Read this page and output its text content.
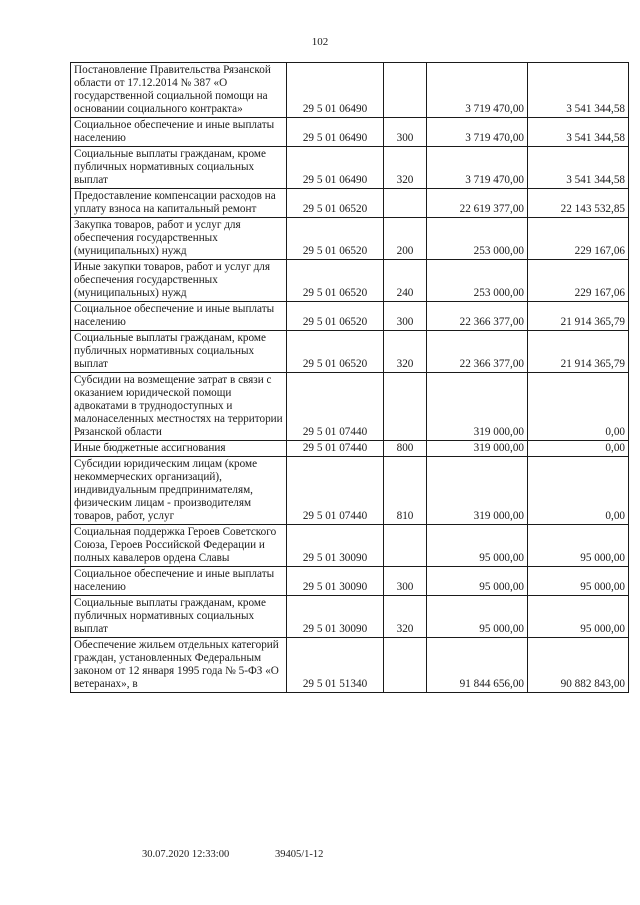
102
Постановление Правительства Рязанской области от 17.12.2014 № 387 «О государственной социальной помощи на основании социального контракта»	29 5 01 06490		3 719 470,00	3 541 344,58
Социальное обеспечение и иные выплаты населению	29 5 01 06490	300	3 719 470,00	3 541 344,58
Социальные выплаты гражданам, кроме публичных нормативных социальных выплат	29 5 01 06490	320	3 719 470,00	3 541 344,58
Предоставление компенсации расходов на уплату взноса на капитальный ремонт	29 5 01 06520		22 619 377,00	22 143 532,85
Закупка товаров, работ и услуг для обеспечения государственных (муниципальных) нужд	29 5 01 06520	200	253 000,00	229 167,06
Иные закупки товаров, работ и услуг для обеспечения государственных (муниципальных) нужд	29 5 01 06520	240	253 000,00	229 167,06
Социальное обеспечение и иные выплаты населению	29 5 01 06520	300	22 366 377,00	21 914 365,79
Социальные выплаты гражданам, кроме публичных нормативных социальных выплат	29 5 01 06520	320	22 366 377,00	21 914 365,79
Субсидии на возмещение затрат в связи с оказанием юридической помощи адвокатами в труднодоступных и малонаселенных местностях на территории Рязанской области	29 5 01 07440		319 000,00	0,00
Иные бюджетные ассигнования	29 5 01 07440	800	319 000,00	0,00
Субсидии юридическим лицам (кроме некоммерческих организаций), индивидуальным предпринимателям, физическим лицам - производителям товаров, работ, услуг	29 5 01 07440	810	319 000,00	0,00
Социальная поддержка Героев Советского Союза, Героев Российской Федерации и полных кавалеров ордена Славы	29 5 01 30090		95 000,00	95 000,00
Социальное обеспечение и иные выплаты населению	29 5 01 30090	300	95 000,00	95 000,00
Социальные выплаты гражданам, кроме публичных нормативных социальных выплат	29 5 01 30090	320	95 000,00	95 000,00
Обеспечение жильем отдельных категорий граждан, установленных Федеральным законом от 12 января 1995 года № 5-ФЗ «О ветеранах», в	29 5 01 51340		91 844 656,00	90 882 843,00
30.07.2020 12:33:00	39405/1-12
